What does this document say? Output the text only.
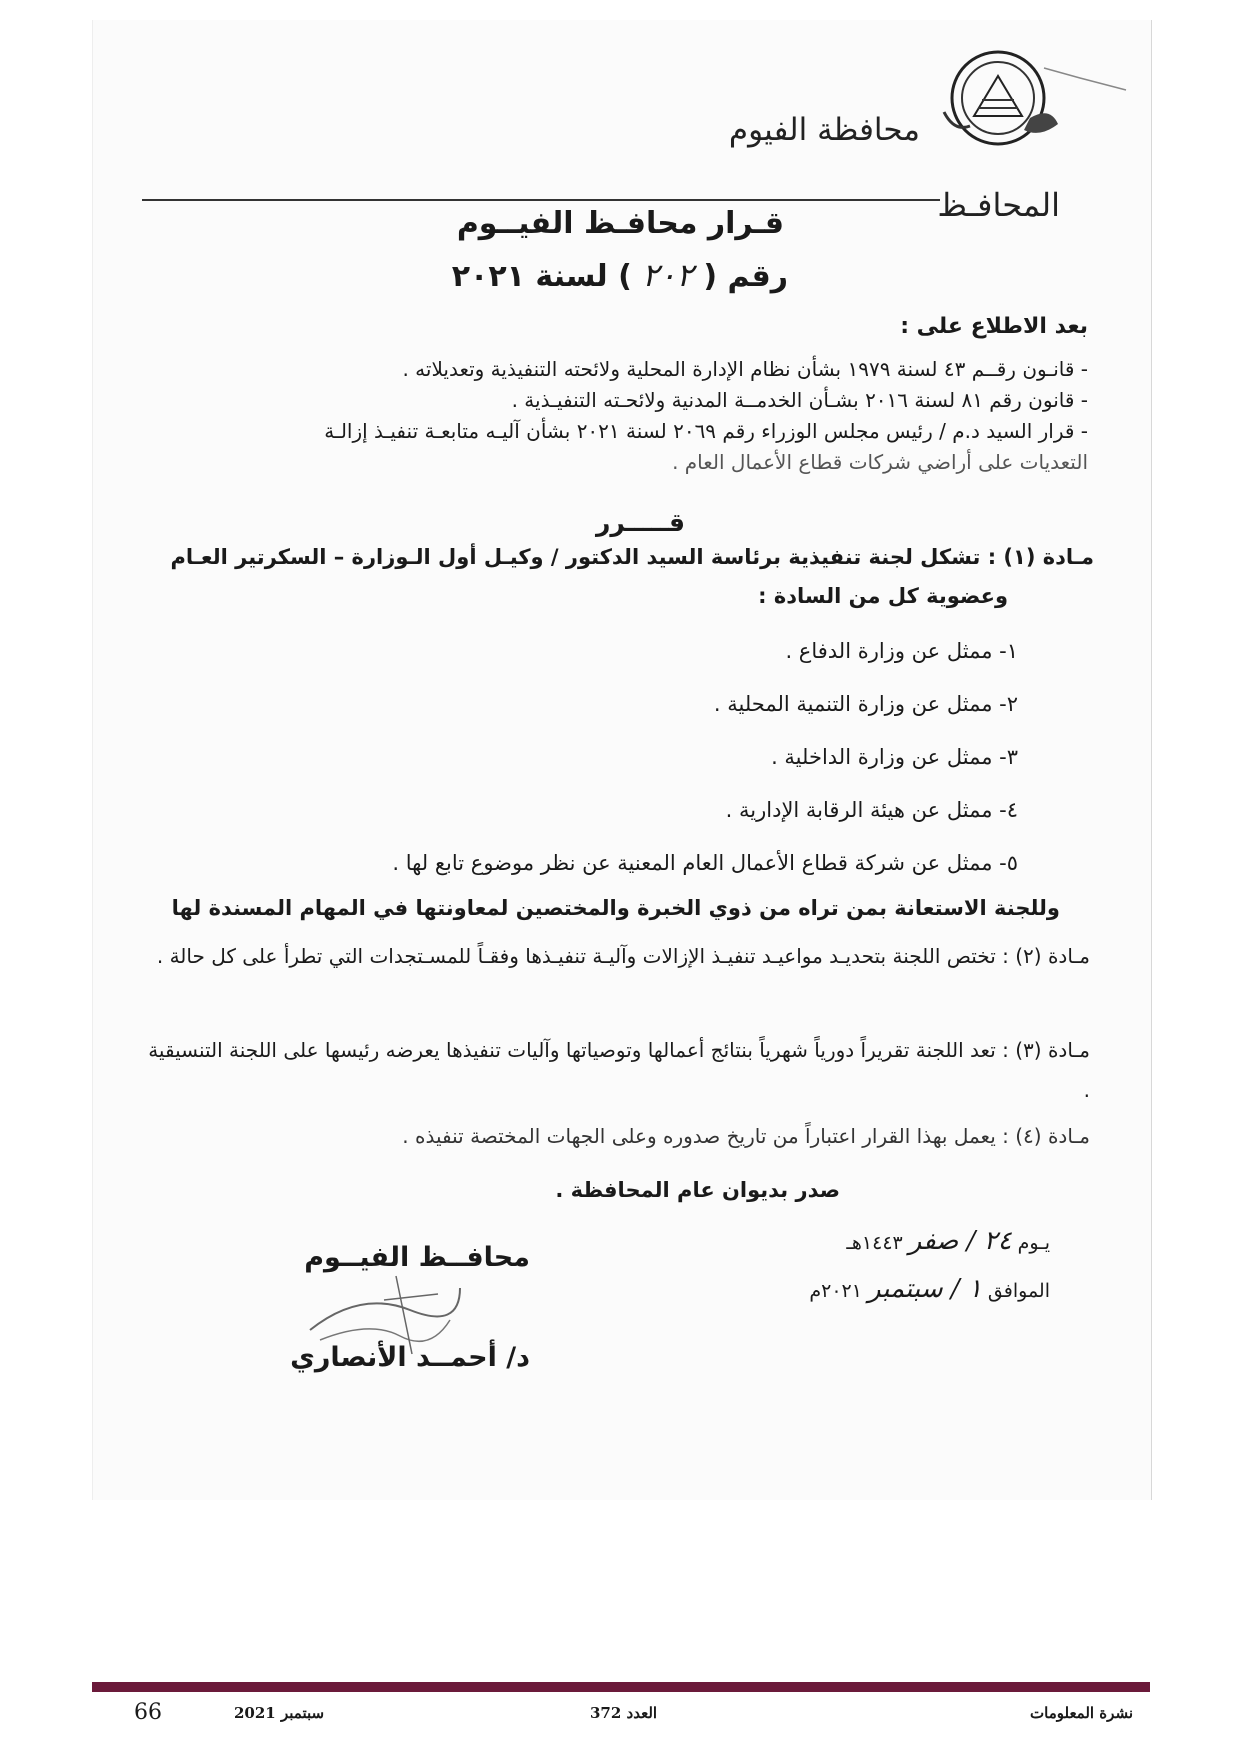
محافظة الفيوم
المحافـظ
قـرار محافـظ الفيــوم
رقم (٢٠٢) لسنة ٢٠٢١
بعد الاطلاع على :
- قانـون رقــم ٤٣ لسنة ١٩٧٩ بشأن نظام الإدارة المحلية ولائحته التنفيذية وتعديلاته .
- قانون رقم ٨١ لسنة ٢٠١٦ بشـأن الخدمــة المدنية ولائحـته التنفيـذية .
- قرار السيد د.م / رئيس مجلس الوزراء رقم ٢٠٦٩ لسنة ٢٠٢١ بشأن آليـه متابعـة تنفيـذ إزالـة
التعديات على أراضي شركات قطاع الأعمال العام .
قـــــرر
مـادة (١) : تشكل لجنة تنفيذية برئاسة السيد الدكتور / وكيـل أول الـوزارة – السكرتير العـام
وعضوية كل من السادة :
١- ممثل عن وزارة الدفاع .
٢- ممثل عن وزارة التنمية المحلية .
٣- ممثل عن وزارة الداخلية .
٤- ممثل عن هيئة الرقابة الإدارية .
٥- ممثل عن شركة قطاع الأعمال العام المعنية عن نظر موضوع تابع لها .
وللجنة الاستعانة بمن تراه من ذوي الخبرة والمختصين لمعاونتها في المهام المسندة لها
مـادة (٢) : تختص اللجنة بتحديـد مواعيـد تنفيـذ الإزالات وآليـة تنفيـذها وفقـاً للمسـتجدات التي تطرأ على كل حالة .
مـادة (٣) : تعد اللجنة تقريراً دورياً شهرياً بنتائج أعمالها وتوصياتها وآليات تنفيذها يعرضه رئيسها على اللجنة التنسيقية .
مـادة (٤) : يعمل بهذا القرار اعتباراً من تاريخ صدوره وعلى الجهات المختصة تنفيذه .
صدر بديوان عام المحافظة .
يـوم٢٤ / صفر١٤٤٣هـ
الموافق١ / سبتمبر٢٠٢١م
محافــظ الفيــوم
د/ أحمــد الأنصاري
66	سبتمبر 2021	العدد 372	نشرة المعلومات
